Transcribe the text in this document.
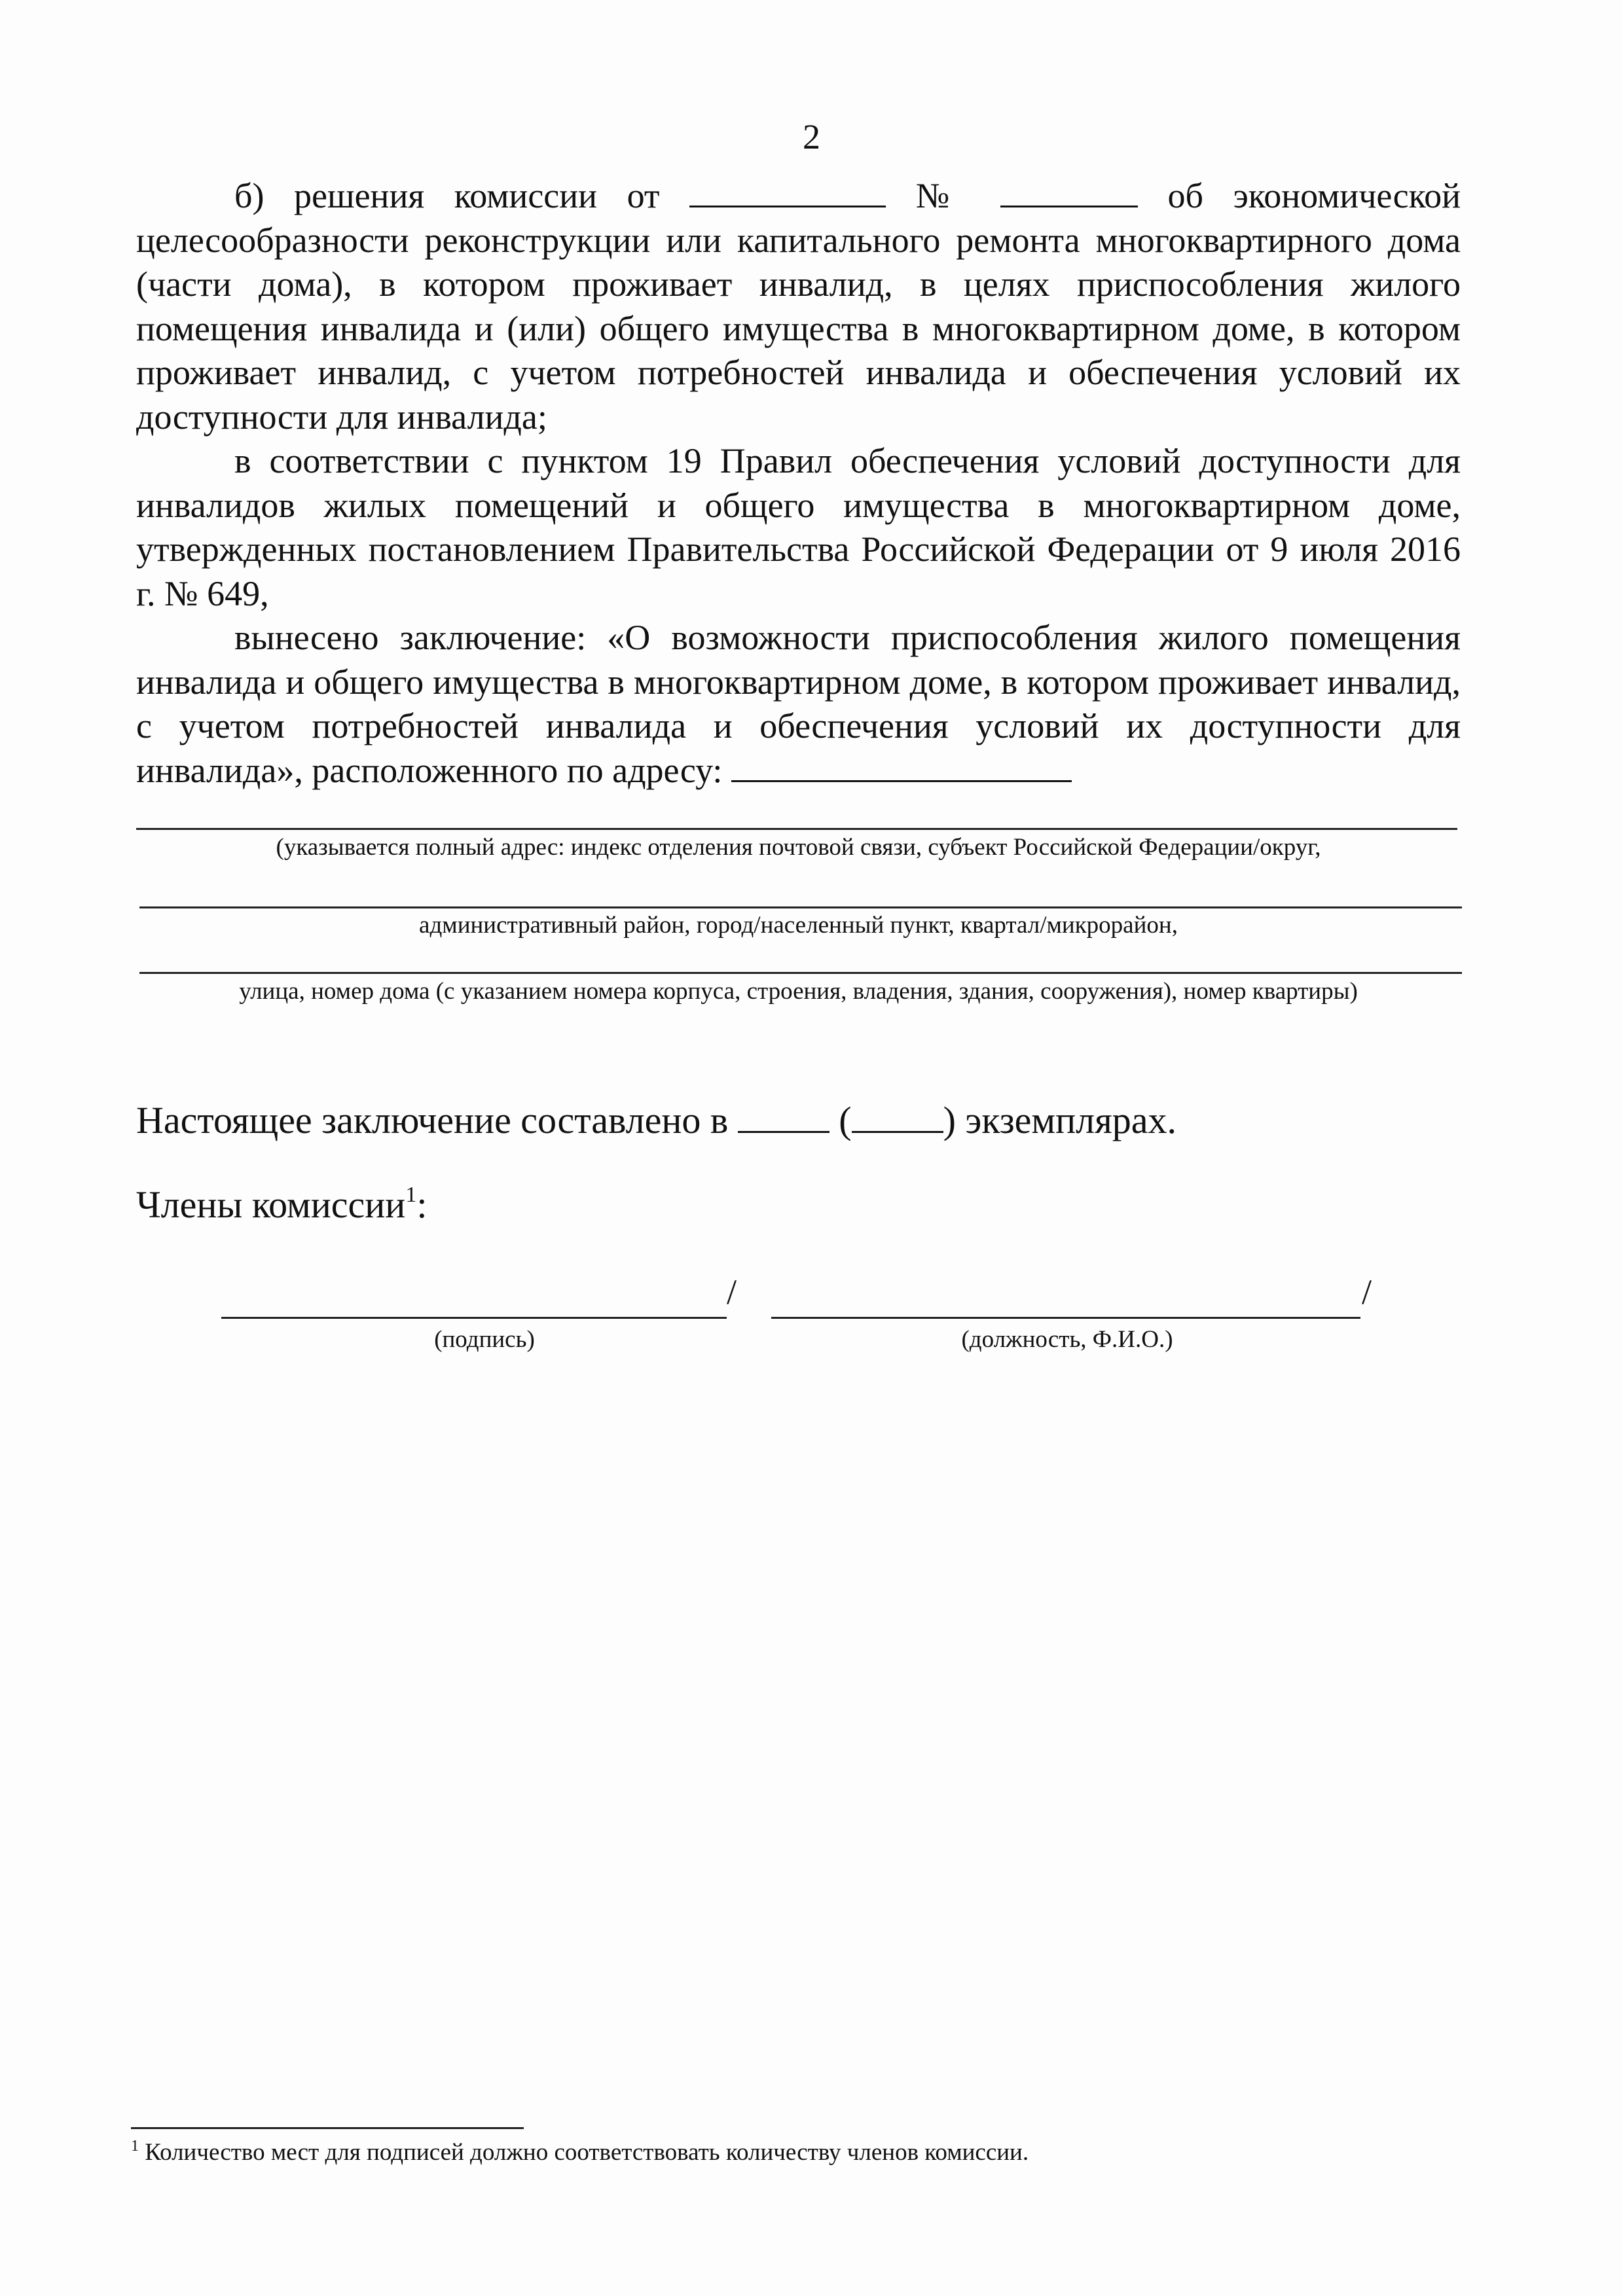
2

б) решения комиссии от	№	об экономической целесообразности реконструкции или капитального ремонта многоквартирного дома (части дома), в котором проживает инвалид, в целях приспособления жилого помещения инвалида и (или) общего имущества в многоквартирном доме, в котором проживает инвалид, с учетом потребностей инвалида и обеспечения условий их доступности для инвалида;

в соответствии с пунктом 19 Правил обеспечения условий доступности для инвалидов жилых помещений и общего имущества в многоквартирном доме, утвержденных постановлением Правительства Российской Федерации от 9 июля 2016 г. № 649,

вынесено заключение: «О возможности приспособления жилого помещения инвалида и общего имущества в многоквартирном доме, в котором проживает инвалид, с учетом потребностей инвалида и обеспечения условий их доступности для инвалида», расположенного по адресу:

(указывается полный адрес: индекс отделения почтовой связи, субъект Российской Федерации/округ,
административный район, город/населенный пункт, квартал/микрорайон,
улица, номер дома (с указанием номера корпуса, строения, владения, здания, сооружения), номер квартиры)
Настоящее заключение составлено в	( ) экземплярах.
Члены комиссии$^1$:
/	/
(подпись)	(должность, Ф.И.О.)
$^1$ Количество мест для подписей должно соответствовать количеству членов комиссии.
